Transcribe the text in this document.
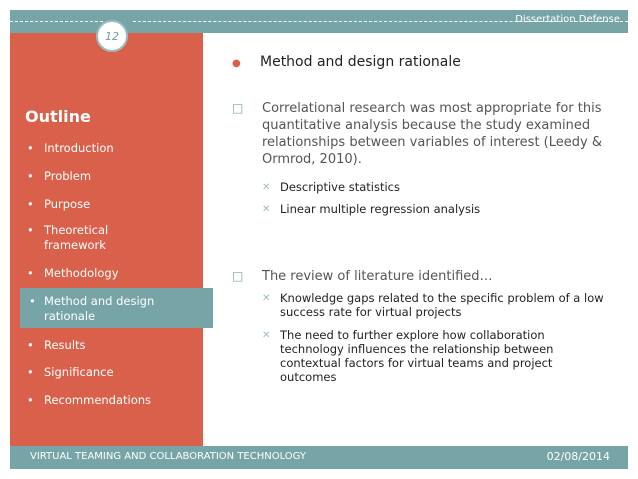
Dissertation Defense
12
Outline
• Introduction
• Problem
• Purpose
• Theoretical framework
• Methodology
• Method and design rationale
• Results
• Significance
• Recommendations
● Method and design rationale
□ Correlational research was most appropriate for this quantitative analysis because the study examined relationships between variables of interest (Leedy & Ormrod, 2010).
✕ Descriptive statistics
✕ Linear multiple regression analysis
□ The review of literature identified…
✕ Knowledge gaps related to the specific problem of a low success rate for virtual projects
✕ The need to further explore how collaboration technology influences the relationship between contextual factors for virtual teams and project outcomes
VIRTUAL TEAMING AND COLLABORATION TECHNOLOGY	02/08/2014
